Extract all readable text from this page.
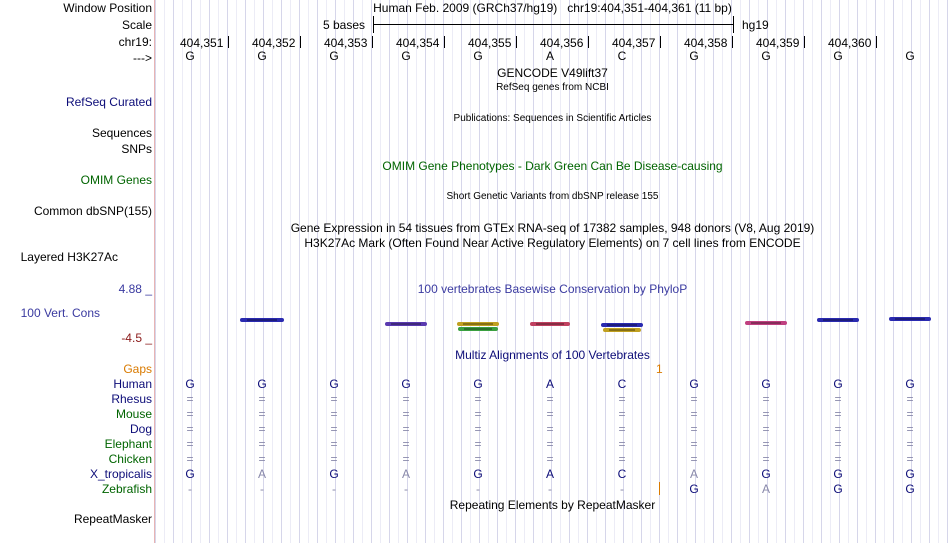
Window Position
Scale
chr19:
--->
RefSeq Curated
Sequences
SNPs
OMIM Genes
Common dbSNP(155)
Layered H3K27Ac
4.88 _
100 Vert. Cons
-4.5 _
Gaps
Human
Rhesus
Mouse
Dog
Elephant
Chicken
X_tropicalis
Zebrafish
RepeatMasker
Human Feb. 2009 (GRCh37/hg19) chr19:404,351-404,361 (11 bp)
5 bases	hg19
404,351 404,352 404,353 404,354 404,355 404,356 404,357 404,358 404,359 404,360
G	G	G	G	G	A	C	G	G	G	G
GENCODE V49lift37
RefSeq genes from NCBI
Publications: Sequences in Scientific Articles
OMIM Gene Phenotypes - Dark Green Can Be Disease-causing
Short Genetic Variants from dbSNP release 155
Gene Expression in 54 tissues from GTEx RNA-seq of 17382 samples, 948 donors (V8, Aug 2019)
H3K27Ac Mark (Often Found Near Active Regulatory Elements) on 7 cell lines from ENCODE
100 vertebrates Basewise Conservation by PhyloP
Multiz Alignments of 100 Vertebrates
1
G	G	G	G	G	A	C	G	G	G	G
=	=	=	=	=	=	=	=	=	=	=
=	=	=	=	=	=	=	=	=	=	=
=	=	=	=	=	=	=	=	=	=	=
=	=	=	=	=	=	=	=	=	=	=
=	=	=	=	=	=	=	=	=	=	=
G	A	G	A	G	A	C	A	G	G	G
-	-	-	-	-	-	-	G	A	G	G
Repeating Elements by RepeatMasker
